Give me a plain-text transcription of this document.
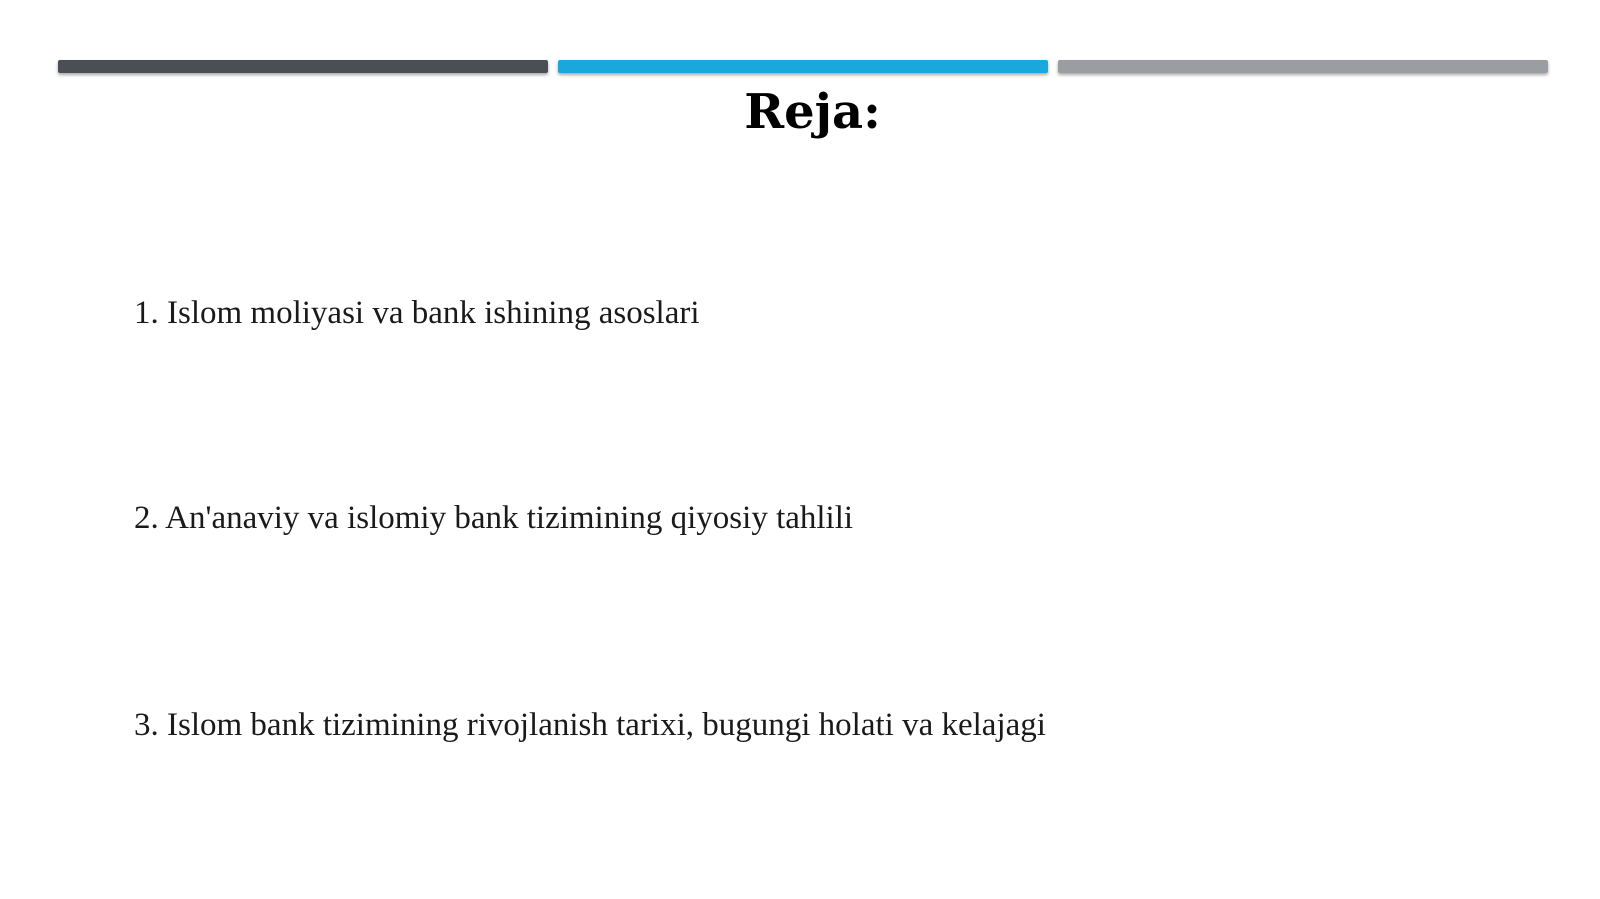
Reja:
1. Islom moliyasi va bank ishining asoslari
2. An'anaviy va islomiy bank tizimining qiyosiy tahlili
3. Islom bank tizimining rivojlanish tarixi, bugungi holati va kelajagi
